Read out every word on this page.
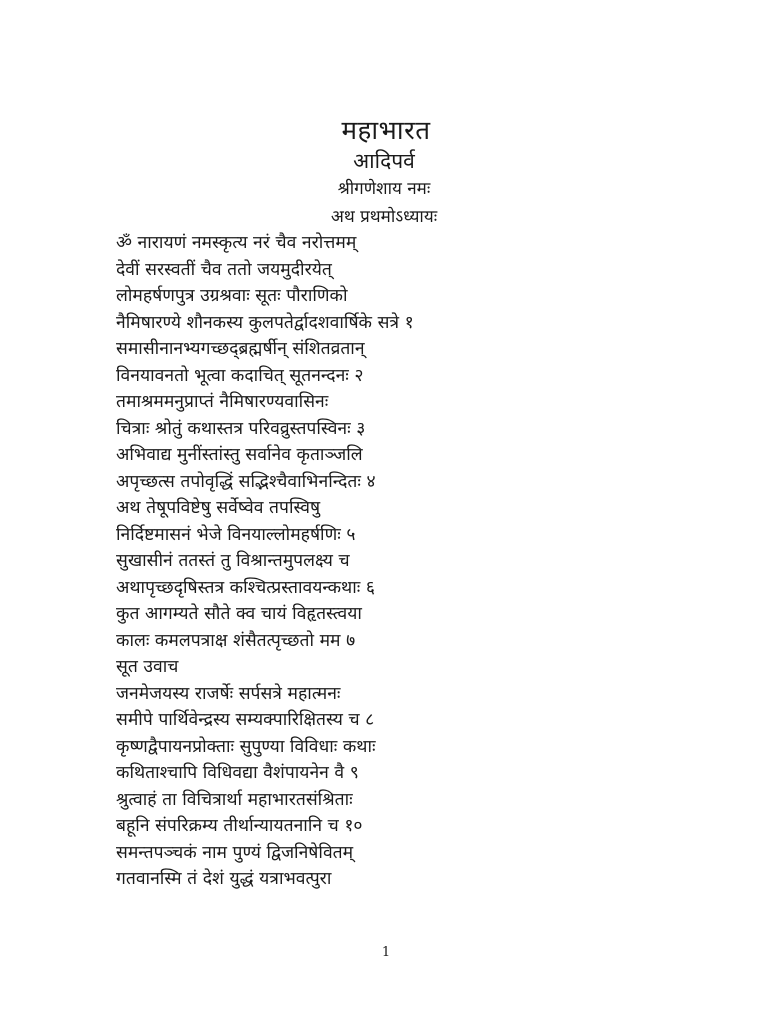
महाभारत
आदिपर्व

श्रीगणेशाय नमः

अथ प्रथमोऽध्यायः

ॐ नारायणं नमस्कृत्य नरं चैव नरोत्तमम्
देवीं सरस्वतीं चैव ततो जयमुदीरयेत्
लोमहर्षणपुत्र उग्रश्रवाः सूतः पौराणिको
नैमिषारण्ये शौनकस्य कुलपतेर्द्वादशवार्षिके सत्रे १
समासीनानभ्यगच्छद्ब्रह्मर्षीन् संशितव्रतान्
विनयावनतो भूत्वा कदाचित् सूतनन्दनः २
तमाश्रममनुप्राप्तं नैमिषारण्यवासिनः
चित्राः श्रोतुं कथास्तत्र परिवव्रुस्तपस्विनः ३
अभिवाद्य मुनींस्तांस्तु सर्वानेव कृताञ्जलि
अपृच्छत्स तपोवृद्धिं सद्भिश्चैवाभिनन्दितः ४
अथ तेषूपविष्टेषु सर्वेष्वेव तपस्विषु
निर्दिष्टमासनं भेजे विनयाल्लोमहर्षणिः ५
सुखासीनं ततस्तं तु विश्रान्तमुपलक्ष्य च
अथापृच्छदृषिस्तत्र कश्चित्प्रस्तावयन्कथाः ६
कुत आगम्यते सौते क्व चायं विहृतस्त्वया
कालः कमलपत्राक्ष शंसैतत्पृच्छतो मम ७
सूत उवाच
जनमेजयस्य राजर्षेः सर्पसत्रे महात्मनः
समीपे पार्थिवेन्द्रस्य सम्यक्पारिक्षितस्य च ८
कृष्णद्वैपायनप्रोक्ताः सुपुण्या विविधाः कथाः
कथिताश्चापि विधिवद्या वैशंपायनेन वै ९
श्रुत्वाहं ता विचित्रार्था महाभारतसंश्रिताः
बहूनि संपरिक्रम्य तीर्थान्यायतनानि च १०
समन्तपञ्चकं नाम पुण्यं द्विजनिषेवितम्
गतवानस्मि तं देशं युद्धं यत्राभवत्पुरा
1
